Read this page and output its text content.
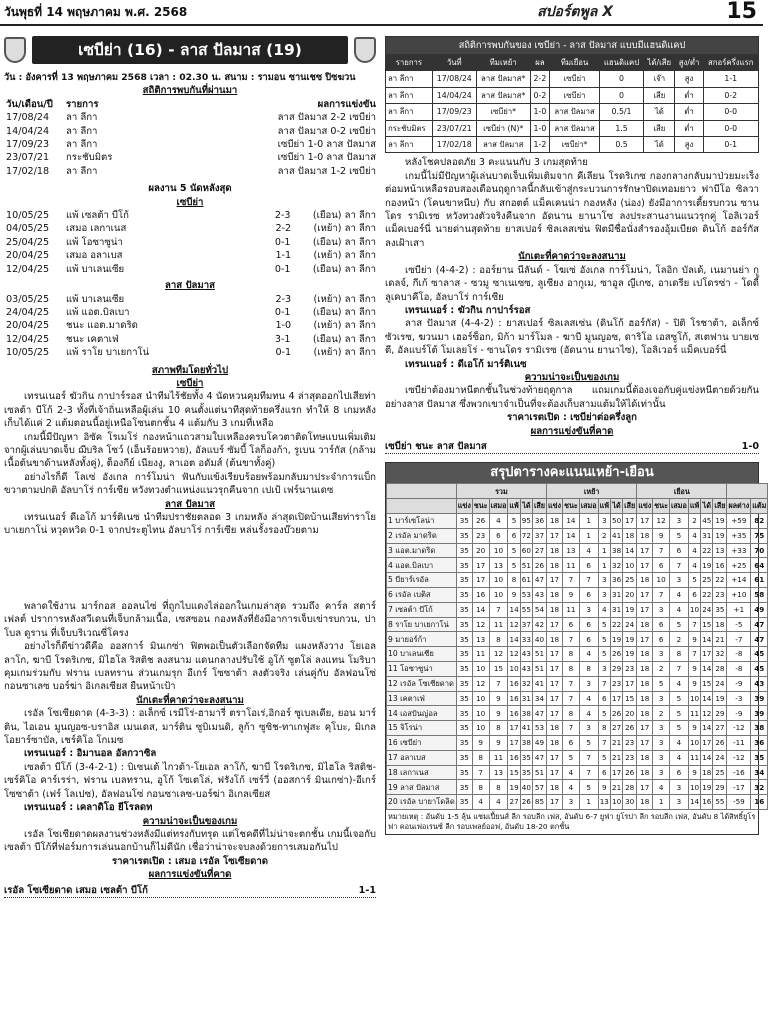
วันพุธที่ 14 พฤษภาคม พ.ศ. 2568	สปอร์ตพูล X	15
เซบีย่า (16) - ลาส ปัลมาส (19)
วัน : อังคารที่ 13 พฤษภาคม 2568 เวลา : 02.30 น. สนาม : รามอน ซานเชซ ปิซฆวน
สถิติการพบกันที่ผ่านมา
วัน/เดือน/ปี	รายการ	ผลการแข่งขัน
17/08/24	ลา ลีกา	ลาส ปัลมาส 2-2 เซบีย่า
14/04/24	ลา ลีกา	ลาส ปัลมาส 0-2 เซบีย่า
17/09/23	ลา ลีกา	เซบีย่า 1-0 ลาส ปัลมาส
23/07/21	กระชับมิตร	เซบีย่า 1-0 ลาส ปัลมาส
17/02/18	ลา ลีกา	ลาส ปัลมาส 1-2 เซบีย่า
ผลงาน 5 นัดหลังสุด
เซบีย่า
10/05/25	แพ้ เซลต้า บีโก้	2-3	(เยือน) ลา ลีกา
04/05/25	เสมอ เลกาเนส	2-2	(เหย้า) ลา ลีกา
25/04/25	แพ้ โอซาซูน่า	0-1	(เยือน) ลา ลีกา
20/04/25	เสมอ อลาเบส	1-1	(เหย้า) ลา ลีกา
12/04/25	แพ้ บาเลนเซีย	0-1	(เยือน) ลา ลีกา
ลาส ปัลมาส
03/05/25	แพ้ บาเลนเซีย	2-3	(เหย้า) ลา ลีกา
24/04/25	แพ้ แอต.บิลเบา	0-1	(เยือน) ลา ลีกา
20/04/25	ชนะ แอต.มาดริด	1-0	(เหย้า) ลา ลีกา
12/04/25	ชนะ เคตาเฟ่	3-1	(เยือน) ลา ลีกา
10/05/25	แพ้ ราโย บาเยกาโน่	0-1	(เหย้า) ลา ลีกา
สภาพทีมโดยทั่วไป
เซบีย่า

เทรนเนอร์ ฆัวกิน กาปาร์รอส นำทีมไร้ชัยทั้ง 4 นัดหวนคุมทีมทน 4 ล่าสุดออกไปเสียท่าเซลต้า บีโก้ 2-3 ทั้งที่เจ้าถิ่นเหลือผู้เล่น 10 คนตั้งแต่นาทีสุดท้ายครึ่งแรก ทำให้ 8 เกมหลังเก็บได้แค่ 2 แต้มตอนนี้อยู่เหนือโซนตกชั้น 4 แต้มกับ 3 เกมที่เหลือ

เกมนี้มีปัญหา อิซัค โรเมโร่ กองหน้าแถวสามใบเหลืองครบโควตาติดโทษแบนเพิ่มเติมจากผู้เล่นบาดเจ็บ ฌีบริล โซว์ (เอ็นร้อยหวาย), อัลแบร์ ซัมบี้ โลก็องก้า, รูเบน วาร์กัส (กล้ามเนื้อต้นขาด้านหลังทั้งคู่), ต็องกีย์ เนียงงู, ลาเอต อดัมส์ (ต้นขาทั้งคู่)

อย่างไรก็ดี โลเซ่ อังเกล การ์โมน่า ฟันกับแข้งเรียบร้อยพร้อมกลับมาประจำการแบ็กขวาตามปกติ อัลบาโร่ การ์เซีย หวังทวงตำแหน่งแนวรุกคืนจาก เปเป้ เฟร์นานเดซ

ลาส ปัลมาส

เทรนเนอร์ ดีเอโก้ มาร์ติเนซ นำทีมปราชัยตลอด 3 เกมหลัง ล่าสุดเปิดบ้านเสียท่าราโย บาเยกาโน่ หวุดหวิด 0-1 จากประตูไทน อัลบาโร่ การ์เซีย หล่นรั้งรองบ๊วยตาม

พลาดใช้งาน มาร์กอส ออลนไซ่ ที่ถูกไบแดงไล่ออกในเกมล่าสุด รวมถึง คาร์ล สตาร์เฟลต์ ปราการหลังสวีเดนที่เจ็บกล้ามเนื้อ, เซสซอน กองหลังที่ยังมีอาการเจ็บเข่ารบกวน, ปาโบล ดูราน ที่เจ็บบริเวณซี่โครง

อย่างไรก็ดีข่าวดีคือ ออสการ์ มินเกซ่า ฟิตพอเป็นตัวเลือกจัดทีม แผงหลังวาง โยเอล ลาโก, ฆาบี โรดริเกซ, มิไฮโล ริสติช ลงสนาม แดนกลางปรับใช้ อูโก้ ซูตโล่ ลงแทน โมริบา คุมเกมร่วมกับ ฟราน เบลทราน ส่วนเกมรุก อีเกร์ โซซาต้า ลงตัวจริง เล่นคู่กับ อัลฟอนโซ่ กอนซาเลซ บอร์ฆ่า อิเกลเซียส ยืนหน้าเป้า

นักเตะที่คาดว่าจะลงสนาม

เรอัล โซเซียดาด (4-3-3) : อเล็กซ์ เรมีโร่-ฮามารี่ ตราโอเร่,อิกอร์ ซูเบลเดีย, ยอน มาร์ติน, ไอเอน มูนญอซ-บราอิส เมนเดส, มาร์ติน ซูบิเมนดิ, ลูก้า ซูซิช-ทาเกฟูสะ คุโบะ, มิเกล โอยาร์ซาบัล, เชร์คิโอ โกเมซ

เทรนเนอร์ : อิมานอล อัลกวาซิล

เซลต้า บีโก้ (3-4-2-1) : บิเซนเต้ ไกวต้า-โยเอล ลาโก้, ฆาบี โรดริเกซ, มิไฮโล ริสติช-เซร์คิโอ คาร์เรร่า, ฟราน เบลทราน, อูโก้ โซเตโล่, ฟรังโก้ เซร์วี่ (ออสการ์ มินเกซ่า)-อีเกร์ โซซาต้า (เฟร์ โลเปซ), อัลฟอนโซ่ กอนซาเลซ-บอร์ฆ่า อิเกลเซียส

เทรนเนอร์ : เคลาดิโอ ยีโรลดท

ความน่าจะเป็นของเกม

เรอัล โซเซียดาดผลงานช่วงหลังมีแต่ทรงกับทรุด แต่โชคดีที่ไม่น่าจะตกชั้น เกมนี้เจอกับเซลต้า บีโก้ที่ฟอร์มการเล่นนอกบ้านก็ไม่ดีนัก เชื่อว่าน่าจะจบลงด้วยการเสมอกันไป

ราคาเรตเปิด : เสมอ เรอัล โซเซียดาด
ผลการแข่งขันที่คาด
เรอัล โซเซียดาด เสมอ เซลต้า บีโก้	1-1
สถิติการพบกันของ เซบีย่า - ลาส ปัลมาส แบบมีแฮนดิแคป								
รายการ	วันที่	ทีมเหย้า	ผล	ทีมเยือน	แฮนดิแคป	ได้/เสีย	สูง/ต่ำ	สกอร์ครึ่งแรก
ลา ลีกา	17/08/24	ลาส ปัลมาส*	2-2	เซบีย่า	0	เจ๊า	สูง	1-1
ลา ลีกา	14/04/24	ลาส ปัลมาส*	0-2	เซบีย่า	0	เสีย	ต่ำ	0-2
ลา ลีกา	17/09/23	เซบีย่า*	1-0	ลาส ปัลมาส	0.5/1	ได้	ต่ำ	0-0
กระชับมิตร	23/07/21	เซบีย่า (N)*	1-0	ลาส ปัลมาส	1.5	เสีย	ต่ำ	0-0
ลา ลีกา	17/02/18	ลาส ปัลมาส	1-2	เซบีย่า*	0.5	ได้	สูง	0-1

หลังโชคปลอดภัย 3 คะแนนกับ 3 เกมสุดท้าย

เกมนี้ไม่มีปัญหาผู้เล่นบาดเจ็บเพิ่มเติมจาก คีเลียน โรดริเกซ กองกลางกลับมาป่วยมะเร็งต่อมหน้าเหลือรอบสองเดือนฤดูกาลนี้กลับเข้าสู่กระบวนการรักษาปิดเทอมยาว ฟาบีโอ ซิลวา กองหน้า (โคนขาหนีบ) กับ สกอตต์ แม็คเคนน่า กองหลัง (น่อง) ยังมีอาการเตี้ยรบกวน ซานโดร รามิเรซ หวังทวงตัวจริงคืนจาก อัดนาน ยานาโซ ลงประสานงานแนวรุกคู่ โอลิเวอร์ แม็คเบอร์นี่ นายด่านสุดท้าย ยาสเปอร์ ซิลเลสเซ่น ฟิตมีชื่อนั่งสำรองอุ้มเบียด ดินโก้ ฮอร์กัส ลงเฝ้าเสา

นักเตะที่คาดว่าจะลงสนาม

เซบีย่า (4-4-2) : ออร์ยาน นีลันด์ - โฆเซ่ อังเกล การ์โมน่า, โลอิก บัลเด้, เนมานย่า กูเดลจ์, กีเก้ ซาลาส - ซวมู ซาเนเซซ, ลูเซียง อากูเม, ซาอูล ญีเกซ, อาเดรีย เปโดรซ่า - โดดี้ ลูเคบาคีโอ, อัลบาโร่ การ์เซีย

เทรนเนอร์ : ฆัวกิน กาปาร์รอส

ลาส ปัลมาส (4-4-2) : ยาสเปอร์ ซิลเลสเซ่น (ดินโก้ ฮอร์กัส) - ปิติ โรชาต้า, อเล็กซ์ ซัวเรซ, ฆวนมา เฮอร์ซ็อก, มิก้า มาร์โมล - ฆาบี มูนญอซ, ดาริโอ เอสซูโก้, สเตฟาน บายเซตี, อัลแบร์โต้ โมเลยโร่ - ซานโดร รามิเรซ (อัดนาน ยานาไซ), โอลิเวอร์ แม็คเบอร์นี่

เทรนเนอร์ : ดีเอโก้ มาร์ติเนซ

ความน่าจะเป็นของเกม

เซบีย่าต้องมาหนีตกชั้นในช่วงท้ายฤดูกาล แถมเกมนี้ต้องเจอกับคู่แข่งหนีตายด้วยกันอย่างลาส ปัลมาส ซึ่งพวกเขาจำเป็นที่จะต้องเก็บสามแต้มให้ได้เท่านั้น

ราคาเรตเปิด : เซบีย่าต่อครึ่งลูก
ผลการแข่งขันที่คาด
เซบีย่า ชนะ ลาส ปัลมาส	1-0
สรุปตารางคะแนนเหย้า-เยือน
	รวม						เหย้า						เยือน							
	แข่ง	ชนะ	เสมอ	แพ้	ได้	เสีย	แข่ง	ชนะ	เสมอ	แพ้	ได้	เสีย	แข่ง	ชนะ	เสมอ	แพ้	ได้	เสีย	ผลต่าง	แต้ม
1 บาร์เซโลน่า	35	26	4	5	95	36	18	14	1	3	50	17	17	12	3	2	45	19	+59	82
2 เรอัล มาดริด	35	23	6	6	72	37	17	14	1	2	41	18	18	9	5	4	31	19	+35	75
3 แอต.มาดริด	35	20	10	5	60	27	18	13	4	1	38	14	17	7	6	4	22	13	+33	70
4 แอต.บิลเบา	35	17	13	5	51	26	18	11	6	1	32	10	17	6	7	4	19	16	+25	64
5 บียาร์เรอัล	35	17	10	8	61	47	17	7	7	3	36	25	18	10	3	5	25	22	+14	61
6 เรอัล เบติส	35	16	10	9	53	43	18	9	6	3	31	20	17	7	4	6	22	23	+10	58
7 เซลต้า บีโก้	35	14	7	14	55	54	18	11	3	4	31	19	17	3	4	10	24	35	+1	49
8 ราโย บาเยกาโน่	35	12	11	12	37	42	17	6	6	5	22	24	18	6	5	7	15	18	-5	47
9 มายอร์ก้า	35	13	8	14	33	40	18	7	6	5	19	19	17	6	2	9	14	21	-7	47
10 บาเลนเซีย	35	11	12	12	43	51	17	8	4	5	26	19	18	3	8	7	17	32	-8	45
11 โอซาซูน่า	35	10	15	10	43	51	17	8	8	3	29	23	18	2	7	9	14	28	-8	45
12 เรอัล โซเซียดาด	35	12	7	16	32	41	17	7	3	7	23	17	18	5	4	9	15	24	-9	43
13 เคตาเฟ่	35	10	9	16	31	34	17	7	4	6	17	15	18	3	5	10	14	19	-3	39
14 เอสปันญ่อล	35	10	9	16	38	47	17	8	4	5	26	20	18	2	5	11	12	29	-9	39
15 จิโรน่า	35	10	8	17	41	53	18	7	3	8	27	26	17	3	5	9	14	27	-12	38
16 เซบีย่า	35	9	9	17	38	49	18	6	5	7	21	23	17	3	4	10	17	26	-11	36
17 อลาเบส	35	8	11	16	35	47	17	5	7	5	21	23	18	3	4	11	14	24	-12	35
18 เลกาเนส	35	7	13	15	35	51	17	4	7	6	17	26	18	3	6	9	18	25	-16	34
19 ลาส ปัลมาส	35	8	8	19	40	57	18	4	5	9	21	28	17	4	3	10	19	29	-17	32
20 เรอัล บายาโดลิด	35	4	4	27	26	85	17	3	1	13	10	30	18	1	3	14	16	55	-59	16
หมายเหตุ : อันดับ 1-5 ลุ้น แชมเปี้ยนส์ ลีก รอบลีก เฟส, อันดับ 6-7 ยูฟ่า ยูโรปา ลีก รอบลีก เฟส, อันดับ 8 ได้สิทธิ์ยูโร ฟา คอนเฟอเรนซ์ ลีก รอบเพลย์ออฟ, อันดับ 18-20 ตกชั้น
